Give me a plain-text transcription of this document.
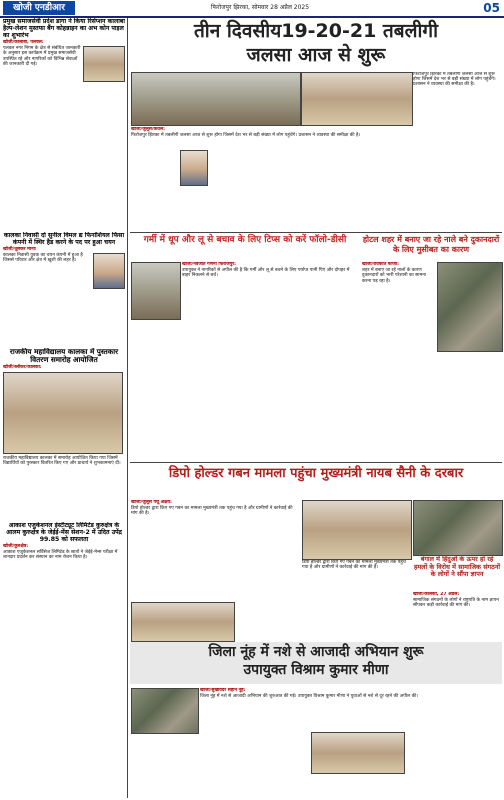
खोजी एनडीआर	फिरोजपुर झिरका, सोमवार 28 अप्रैल 2025	05

प्रमुख समाजसेवी प्रदेश डागा ने किया रिसेप्शन कालाबा हैल्प-लेशन मुस्तफा बैंग कोहन्नाइन का अभ कोन पाइल का शुभारंभ

खोजी/कालाबा, पलवल:

पलवल नगर निगम के क्षेत्र से संबंधित जानकारी के अनुसार इस कार्यक्रम में प्रमुख समाजसेवी उपस्थित रहे और नागरिकों को विभिन्न सेवाओं की जानकारी दी गई।

कालका निवासी दो सुनील विमल द्य फिनांशियल फिंसा कंपनी में स्थिर हैड करने के पद पर हुआ चयन

खोजी/धूसकर मानाः

कालका निवासी युवक का चयन कंपनी में हुआ है जिससे परिवार और क्षेत्र में खुशी की लहर है।

राजकीय महाविद्यालय कालका में पुस्तकार वितरण समारोह आयोजित

खोजी/ब्लॉकर/कालका:

राजकीय महाविद्यालय कालका में समारोह आयोजित किया गया जिसमें विद्यार्थियों को पुरस्कार वितरित किए गए और प्राचार्य ने शुभकामनाएं दीं।

आकाश एजुकेशनल इंस्टीट्यूट लिमिटेड कुरुक्षेत्र के आलम कुरुक्षेत्र के जेईई-मेंस सेशन-2 में उदित उपेंद्र 99.85 को सफलता

खोजी/कुरुक्षेत्र:

आकाश एजुकेशनल सर्विसेज लिमिटेड के छात्रों ने जेईई-मेन्स परीक्षा में शानदार प्रदर्शन कर संस्थान का नाम रोशन किया है।

तीन दिवसीय19-20-21 तबलीगी
जलसा आज से शुरू

फिरोजपुर झिरका में तबलीगी जलसा आज से शुरू होगा जिसमें देश भर से बड़ी संख्या में लोग पहुंचेंगे। प्रशासन ने व्यवस्था की समीक्षा की है।

खोजी/जुलूस/कैथल:

फिरोजपुर झिरका में तबलीगी जलसा आज से शुरू होगा जिसमें देश भर से बड़ी संख्या में लोग पहुंचेंगे। प्रशासन ने व्यवस्था की समीक्षा की है।

गर्मी में धूप और लू से बचाव के लिए टिप्स को करें फॉलो-डीसी

खोजी/नवजात गणना फिरोजपुर:

उपायुक्त ने नागरिकों से अपील की है कि गर्मी और लू से बचने के लिए पर्याप्त पानी पिएं और दोपहर में बाहर निकलने से बचें।

होटल शहर में बनाए जा रहे नाले बने दुकानदारों के लिए मुसीबत का कारण

खोजी/रविकांत फौजी:

शहर में बनाए जा रहे नालों के कारण दुकानदारों को भारी परेशानी का सामना करना पड़ रहा है।

डिपो होल्डर गबन मामला पहुंचा मुख्यमंत्री नायब सैनी के दरबार

खोजी/जुलूस पंचू अक्षय:

डिपो होल्डर द्वारा किए गए गबन का मामला मुख्यमंत्री तक पहुंच गया है और ग्रामीणों ने कार्रवाई की मांग की है।

डिपो होल्डर द्वारा किए गए गबन का मामला मुख्यमंत्री तक पहुंच गया है और ग्रामीणों ने कार्रवाई की मांग की है।

बंगाल में हिंदुओं के ऊपर हो रहे हमलों के विरोध में सामाजिक संगठनों के लोगों ने सौंपा ज्ञापन

खोजी/कालका, 27 अप्रैल:

सामाजिक संगठनों के लोगों ने राष्ट्रपति के नाम ज्ञापन सौंपकर कड़ी कार्रवाई की मांग की।

जिला नूंह में नशे से आजादी अभियान शुरू
उपायुक्त विश्राम कुमार मीणा

खोजी/सुखविंदर सहान नूंह:

जिला नूंह में नशे से आजादी अभियान की शुरुआत की गई। उपायुक्त विश्राम कुमार मीणा ने युवाओं से नशे से दूर रहने की अपील की।
